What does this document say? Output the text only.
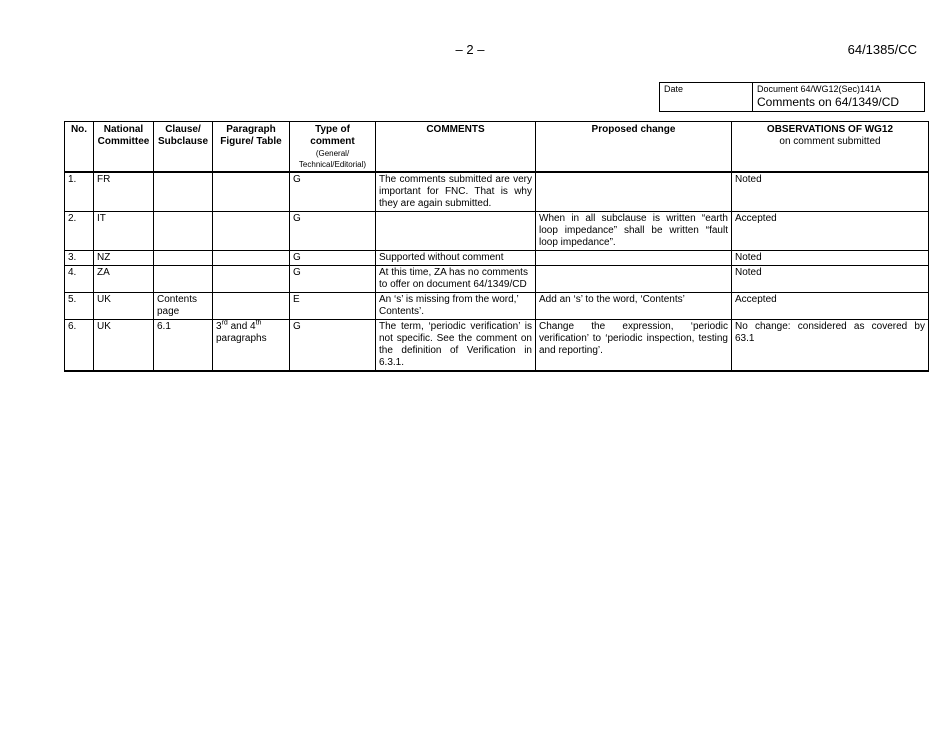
– 2 –	64/1385/CC
Date	Document 64/WG12(Sec)141A
Comments on 64/1349/CD
No.	National Committee	Clause/ Subclause	Paragraph Figure/ Table	Type of comment
(General/ Technical/Editorial)	COMMENTS	Proposed change	OBSERVATIONS OF WG12
on comment submitted

1.	FR			G	The comments submitted are very important for FNC. That is why they are again submitted.		Noted
2.	IT			G		When in all subclause is written “earth loop impedance” shall be written “fault loop impedance”.	Accepted
3.	NZ			G	Supported without comment		Noted
4.	ZA			G	At this time, ZA has no comments to offer on document 64/1349/CD		Noted
5.	UK	Contents page		E	An ‘s’ is missing from the word,’ Contents’.	Add an ‘s’ to the word, ‘Contents’	Accepted
6.	UK	6.1	3rd and 4th
paragraphs	G	The term, ‘periodic verification’ is not specific. See the comment on the definition of Verification in 6.3.1.	Change the expression, ‘periodic verification’ to ‘periodic inspection, testing and reporting’.	No change: considered as covered by 63.1
